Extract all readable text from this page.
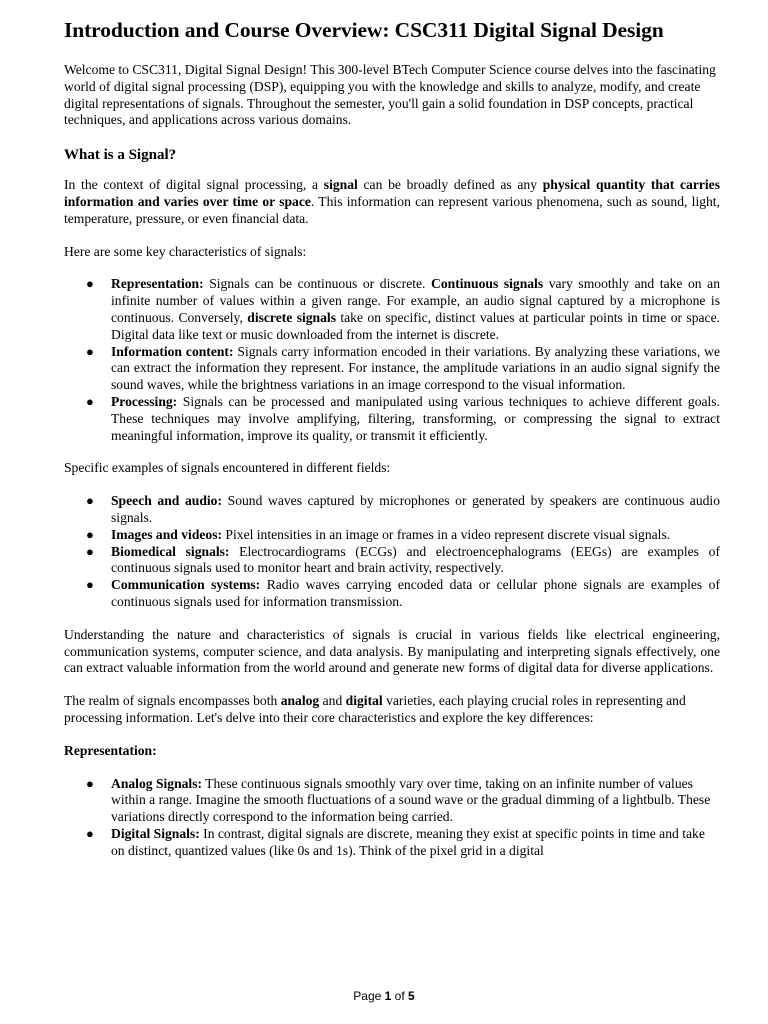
Introduction and Course Overview: CSC311 Digital Signal Design

Welcome to CSC311, Digital Signal Design! This 300-level BTech Computer Science course delves into the fascinating world of digital signal processing (DSP), equipping you with the knowledge and skills to analyze, modify, and create digital representations of signals. Throughout the semester, you'll gain a solid foundation in DSP concepts, practical techniques, and applications across various domains.

What is a Signal?

In the context of digital signal processing, a signal can be broadly defined as any physical quantity that carries information and varies over time or space. This information can represent various phenomena, such as sound, light, temperature, pressure, or even financial data.

Here are some key characteristics of signals:

● Representation: Signals can be continuous or discrete. Continuous signals vary smoothly and take on an infinite number of values within a given range. For example, an audio signal captured by a microphone is continuous. Conversely, discrete signals take on specific, distinct values at particular points in time or space. Digital data like text or music downloaded from the internet is discrete.
● Information content: Signals carry information encoded in their variations. By analyzing these variations, we can extract the information they represent. For instance, the amplitude variations in an audio signal signify the sound waves, while the brightness variations in an image correspond to the visual information.
● Processing: Signals can be processed and manipulated using various techniques to achieve different goals. These techniques may involve amplifying, filtering, transforming, or compressing the signal to extract meaningful information, improve its quality, or transmit it efficiently.

Specific examples of signals encountered in different fields:

● Speech and audio: Sound waves captured by microphones or generated by speakers are continuous audio signals.
● Images and videos: Pixel intensities in an image or frames in a video represent discrete visual signals.
● Biomedical signals: Electrocardiograms (ECGs) and electroencephalograms (EEGs) are examples of continuous signals used to monitor heart and brain activity, respectively.
● Communication systems: Radio waves carrying encoded data or cellular phone signals are examples of continuous signals used for information transmission.

Understanding the nature and characteristics of signals is crucial in various fields like electrical engineering, communication systems, computer science, and data analysis. By manipulating and interpreting signals effectively, one can extract valuable information from the world around and generate new forms of digital data for diverse applications.

The realm of signals encompasses both analog and digital varieties, each playing crucial roles in representing and processing information. Let's delve into their core characteristics and explore the key differences:

Representation:

● Analog Signals: These continuous signals smoothly vary over time, taking on an infinite number of values within a range. Imagine the smooth fluctuations of a sound wave or the gradual dimming of a lightbulb. These variations directly correspond to the information being carried.
● Digital Signals: In contrast, digital signals are discrete, meaning they exist at specific points in time and take on distinct, quantized values (like 0s and 1s). Think of the pixel grid in a digital
Page 1 of 5
